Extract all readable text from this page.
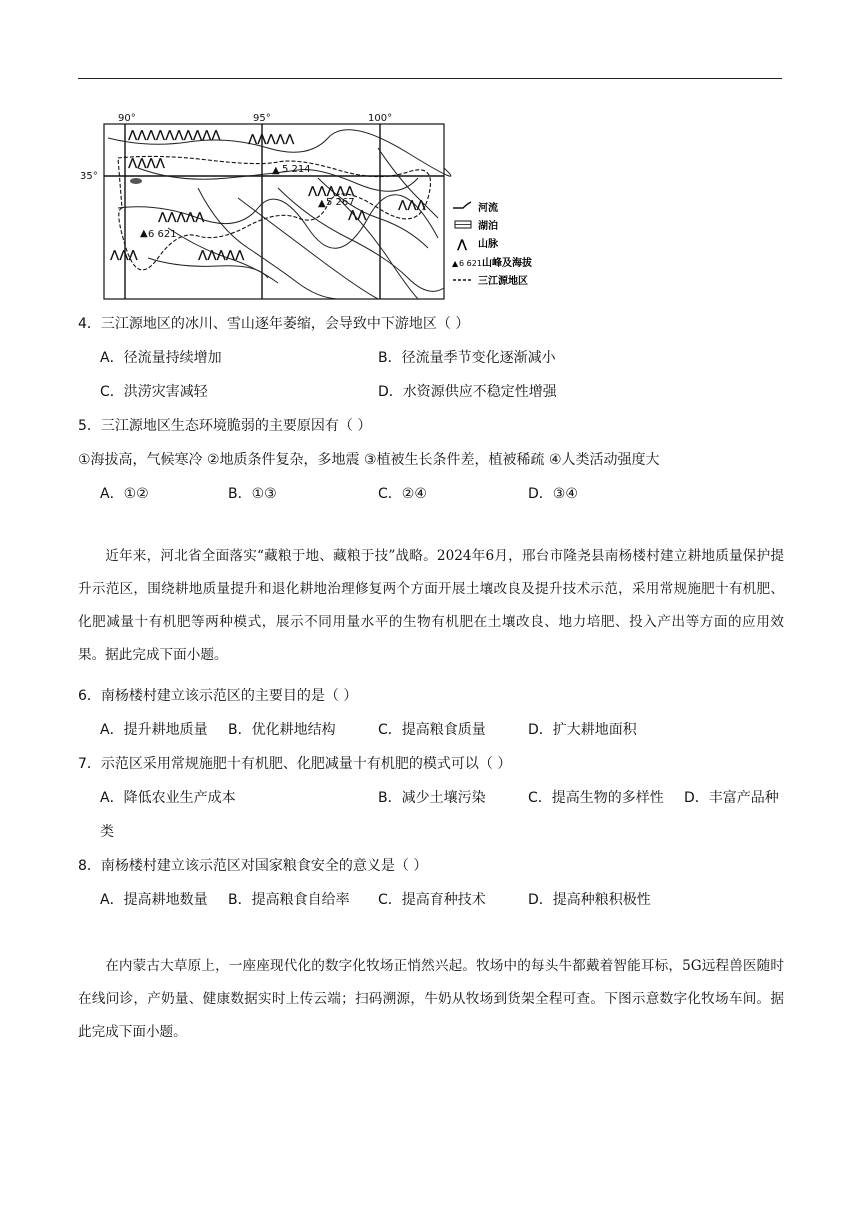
90°	95°	100°
35°
⋀⋀⋀⋀⋀⋀⋀⋀⋀⋀ ⋀⋀⋀⋀⋀
⋀⋀⋀⋀
⋀⋀⋀⋀⋀
⋀⋀⋀	⋀⋀⋀⋀⋀
⋀⋀⋀⋀⋀
⋀⋀⋀
⋀⋀
▲ 5 214
▲ 5 267
▲ 6 621
河流
湖泊
⋀ 山脉
▲ 6 621 山峰及海拔
三江源地区
4．三江源地区的冰川、雪山逐年萎缩，会导致中下游地区（ ）
A．径流量持续增加	B．径流量季节变化逐渐减小
C．洪涝灾害减轻	D．水资源供应不稳定性增强
5．三江源地区生态环境脆弱的主要原因有（ ）
①海拔高，气候寒冷 ②地质条件复杂，多地震 ③植被生长条件差，植被稀疏 ④人类活动强度大
A．①②	B．①③	C．②④	D．③④

近年来，河北省全面落实“藏粮于地、藏粮于技”战略。2024年6月，邢台市隆尧县南杨楼村建立耕地质量保护提升示范区，围绕耕地质量提升和退化耕地治理修复两个方面开展土壤改良及提升技术示范，采用常规施肥十有机肥、化肥减量十有机肥等两种模式，展示不同用量水平的生物有机肥在土壤改良、地力培肥、投入产出等方面的应用效果。据此完成下面小题。

6．南杨楼村建立该示范区的主要目的是（ ）
A．提升耕地质量 B．优化耕地结构	C．提高粮食质量	D．扩大耕地面积
7．示范区采用常规施肥十有机肥、化肥减量十有机肥的模式可以（ ）
A．降低农业生产成本	B．减少土壤污染	C．提高生物的多样性 D．丰富产品种
类
8．南杨楼村建立该示范区对国家粮食安全的意义是（ ）
A．提高耕地数量 B．提高粮食自给率 C．提高育种技术	D．提高种粮积极性

在内蒙古大草原上，一座座现代化的数字化牧场正悄然兴起。牧场中的每头牛都戴着智能耳标，5G远程兽医随时在线问诊，产奶量、健康数据实时上传云端；扫码溯源，牛奶从牧场到货架全程可查。下图示意数字化牧场车间。据此完成下面小题。
